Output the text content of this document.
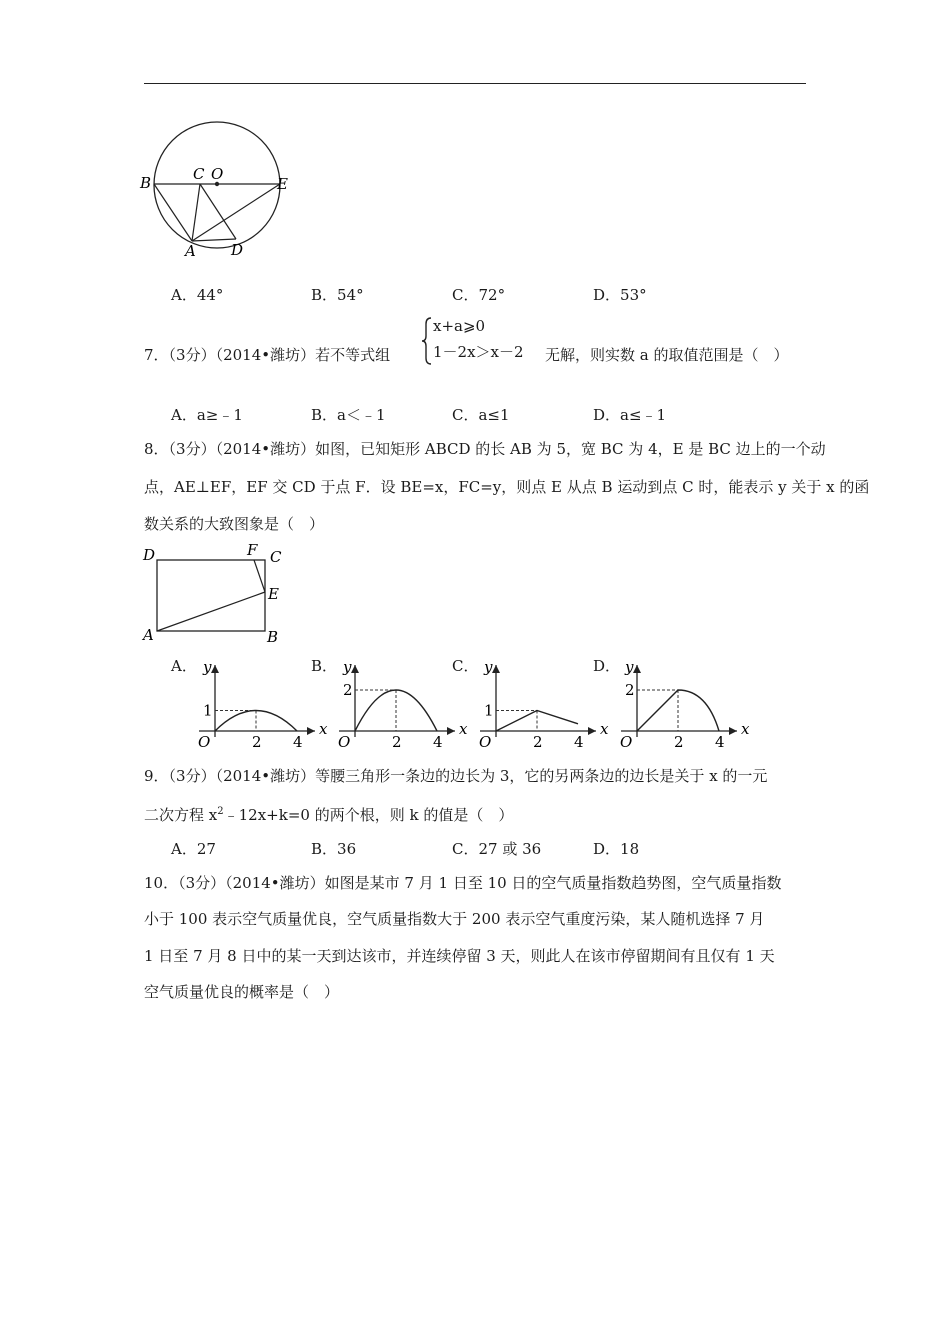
B	C O
E
A D
A．44°	B．54°	C．72°	D．53°
7．（3分）（2014•潍坊）若不等式组
x+a⩾0
1－2x＞x－2 无解，则实数 a 的取值范围是（　）
A．a≥﹣1	B．a＜﹣1	C．a≤1	D．a≤﹣1
8．（3分）（2014•潍坊）如图，已知矩形 ABCD 的长 AB 为 5，宽 BC 为 4，E 是 BC 边上的一个动
点，AE⊥EF，EF 交 CD 于点 F．设 BE=x，FC=y，则点 E 从点 B 运动到点 C 时，能表示 y 关于 x 的函
数关系的大致图象是（　）
D	F C
E
A	B
A．
x
y
O	2 4
1
B．
x
y
O	2 4
2
C．
x
y
O	2 4
1
D．
x
y
O	2 4
2
9．（3分）（2014•潍坊）等腰三角形一条边的边长为 3，它的另两条边的边长是关于 x 的一元
二次方程 $x^2﹣12x+k=0$ 的两个根，则 k 的值是（　）
A．27	B．36	C．27 或 36	D．18
10．（3分）（2014•潍坊）如图是某市 7 月 1 日至 10 日的空气质量指数趋势图，空气质量指数
小于 100 表示空气质量优良，空气质量指数大于 200 表示空气重度污染，某人随机选择 7 月
1 日至 7 月 8 日中的某一天到达该市，并连续停留 3 天，则此人在该市停留期间有且仅有 1 天
空气质量优良的概率是（　）
